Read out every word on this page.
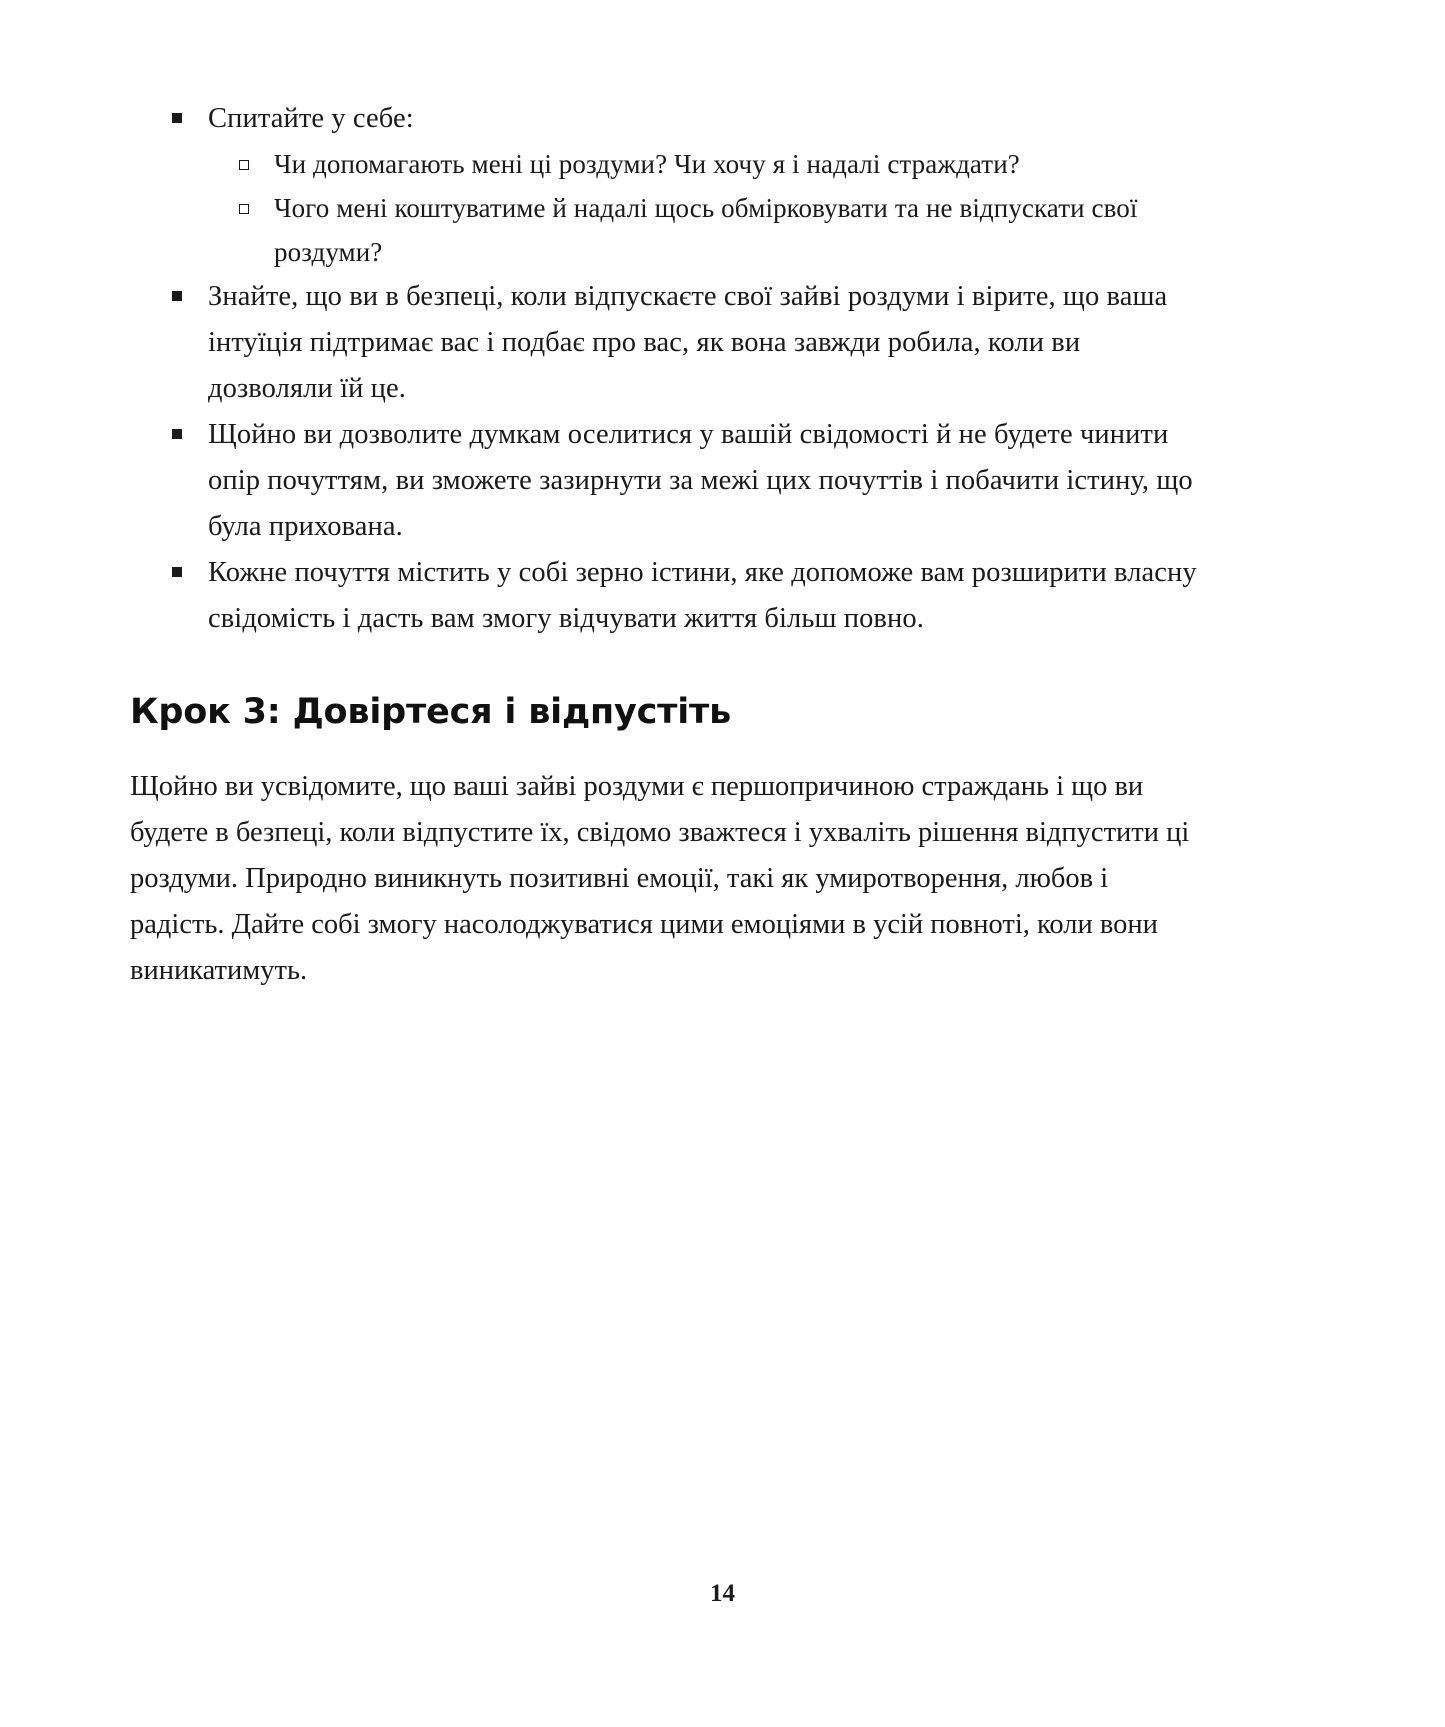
Спитайте у себе:
Чи допомагають мені ці роздуми? Чи хочу я і надалі страждати?
Чого мені коштуватиме й надалі щось обмірковувати та не відпускати свої роздуми?
Знайте, що ви в безпеці, коли відпускаєте свої зайві роздуми і вірите, що ваша інтуїція підтримає вас і подбає про вас, як вона завжди робила, коли ви дозволяли їй це.
Щойно ви дозволите думкам оселитися у вашій свідомості й не будете чинити опір почуттям, ви зможете зазирнути за межі цих почуттів і побачити істину, що була прихована.
Кожне почуття містить у собі зерно істини, яке допоможе вам розширити власну свідомість і дасть вам змогу відчувати життя більш повно.
Крок 3: Довіртеся і відпустіть

Щойно ви усвідомите, що ваші зайві роздуми є першопричиною страждань і що ви будете в безпеці, коли відпустите їх, свідомо зважтеся і ухваліть рішення відпустити ці роздуми. Природно виникнуть позитивні емоції, такі як умиротворення, любов і радість. Дайте собі змогу насолоджуватися цими емоціями в усій повноті, коли вони виникатимуть.

14
